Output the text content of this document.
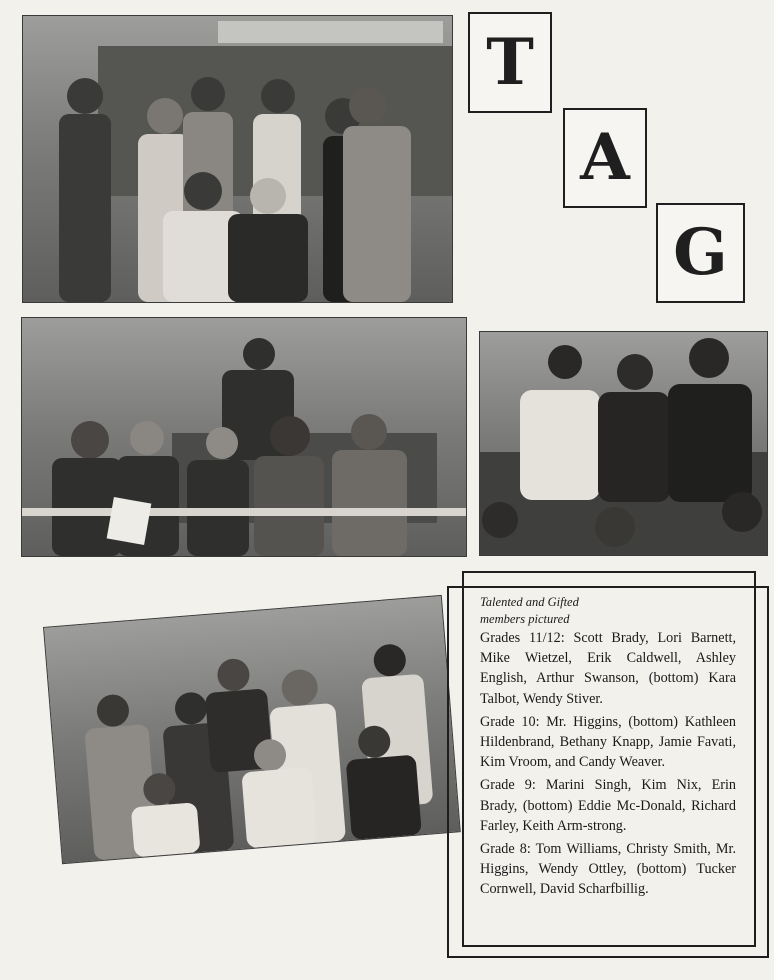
T
A
G
Talented and Gifted
members pictured

Grades 11/12: Scott Brady, Lori Barnett, Mike Wietzel, Erik Caldwell, Ashley English, Arthur Swanson, (bottom) Kara Talbot, Wendy Stiver.

Grade 10: Mr. Higgins, (bottom) Kathleen Hildenbrand, Bethany Knapp, Jamie Favati, Kim Vroom, and Candy Weaver.

Grade 9: Marini Singh, Kim Nix, Erin Brady, (bottom) Eddie Mc-Donald, Richard Farley, Keith Arm-strong.

Grade 8: Tom Williams, Christy Smith, Mr. Higgins, Wendy Ottley, (bottom) Tucker Cornwell, David Scharfbillig.
